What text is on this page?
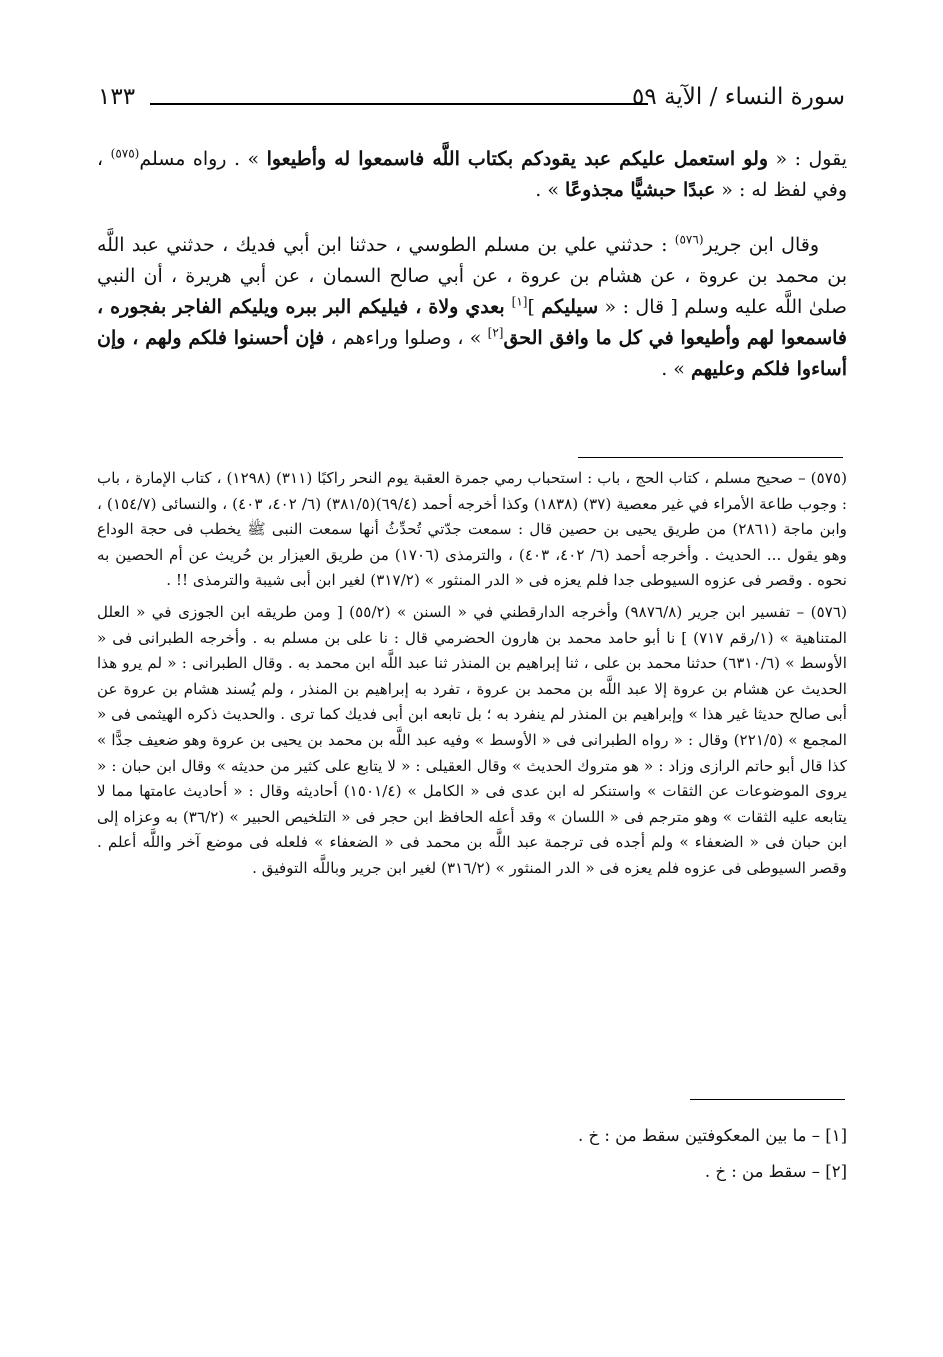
سورة النساء / الآية ٥٩
١٣٣

يقول : « ولو استعمل عليكم عبد يقودكم بكتاب اللَّه فاسمعوا له وأطيعوا » . رواه مسلم$^{(٥٧٥)}$ ، وفي لفظ له : « عبدًا حبشيًّا مجذوعًا » .

وقال ابن جرير$^{(٥٧٦)}$ : حدثني علي بن مسلم الطوسي ، حدثنا ابن أبي فديك ، حدثني عبد اللَّه بن محمد بن عروة ، عن هشام بن عروة ، عن أبي صالح السمان ، عن أبي هريرة ، أن النبي صلىٰ اللَّه عليه وسلم [ قال : « سيليكم ][١] بعدي ولاة ، فيليكم البر ببره ويليكم الفاجر بفجوره ، فاسمعوا لهم وأطيعوا في كل ما وافق الحق[٢] » ، وصلوا وراءهم ، فإن أحسنوا فلكم ولهم ، وإن أساءوا فلكم وعليهم » .

(٥٧٥) – صحيح مسلم ، كتاب الحج ، باب : استحباب رمي جمرة العقبة يوم النحر راكبًا (٣١١) (١٢٩٨) ، كتاب الإمارة ، باب : وجوب طاعة الأمراء في غير معصية (٣٧) (١٨٣٨) وكذا أخرجه أحمد (٦٩/٤)(٣٨١/٥) (٦/ ٤٠٢، ٤٠٣) ، والنسائى (١٥٤/٧) ، وابن ماجة (٢٨٦١) من طريق يحيى بن حصين قال : سمعت جدّتي تُحدِّثُ أنها سمعت النبى ﷺ يخطب فى حجة الوداع وهو يقول ... الحديث . وأخرجه أحمد (٦/ ٤٠٢، ٤٠٣) ، والترمذى (١٧٠٦) من طريق العيزار بن حُريث عن أم الحصين به نحوه . وقصر فى عزوه السيوطى جدا فلم يعزه فى « الدر المنثور » (٣١٧/٢) لغير ابن أبى شيبة والترمذى !! .

(٥٧٦) – تفسير ابن جرير (٩٨٧٦/٨) وأخرجه الدارقطني في « السنن » (٥٥/٢) [ ومن طريقه ابن الجوزى في « العلل المتناهية » (١/رقم ٧١٧) ] نا أبو حامد محمد بن هارون الحضرمي قال : نا على بن مسلم به . وأخرجه الطبرانى فى « الأوسط » (٦٣١٠/٦) حدثنا محمد بن على ، ثنا إبراهيم بن المنذر ثنا عبد اللَّه ابن محمد به . وقال الطبرانى : « لم يرو هذا الحديث عن هشام بن عروة إلا عبد اللَّه بن محمد بن عروة ، تفرد به إبراهيم بن المنذر ، ولم يُسند هشام بن عروة عن أبى صالح حديثا غير هذا » وإبراهيم بن المنذر لم ينفرد به ؛ بل تابعه ابن أبى فديك كما ترى . والحديث ذكره الهيثمى فى « المجمع » (٢٢١/٥) وقال : « رواه الطبرانى فى « الأوسط » وفيه عبد اللَّه بن محمد بن يحيى بن عروة وهو ضعيف جدًّا » كذا قال أبو حاتم الرازى وزاد : « هو متروك الحديث » وقال العقيلى : « لا يتابع على كثير من حديثه » وقال ابن حبان : « يروى الموضوعات عن الثقات » واستنكر له ابن عدى فى « الكامل » (١٥٠١/٤) أحاديثه وقال : « أحاديث عامتها مما لا يتابعه عليه الثقات » وهو مترجم فى « اللسان » وقد أعله الحافظ ابن حجر فى « التلخيص الحبير » (٣٦/٢) به وعزاه إلى ابن حبان فى « الضعفاء » ولم أجده فى ترجمة عبد اللَّه بن محمد فى « الضعفاء » فلعله فى موضع آخر واللَّه أعلم . وقصر السيوطى فى عزوه فلم يعزه فى « الدر المنثور » (٣١٦/٢) لغير ابن جرير وباللَّه التوفيق .

[١] – ما بين المعكوفتين سقط من : خ .
[٢] – سقط من : خ .
